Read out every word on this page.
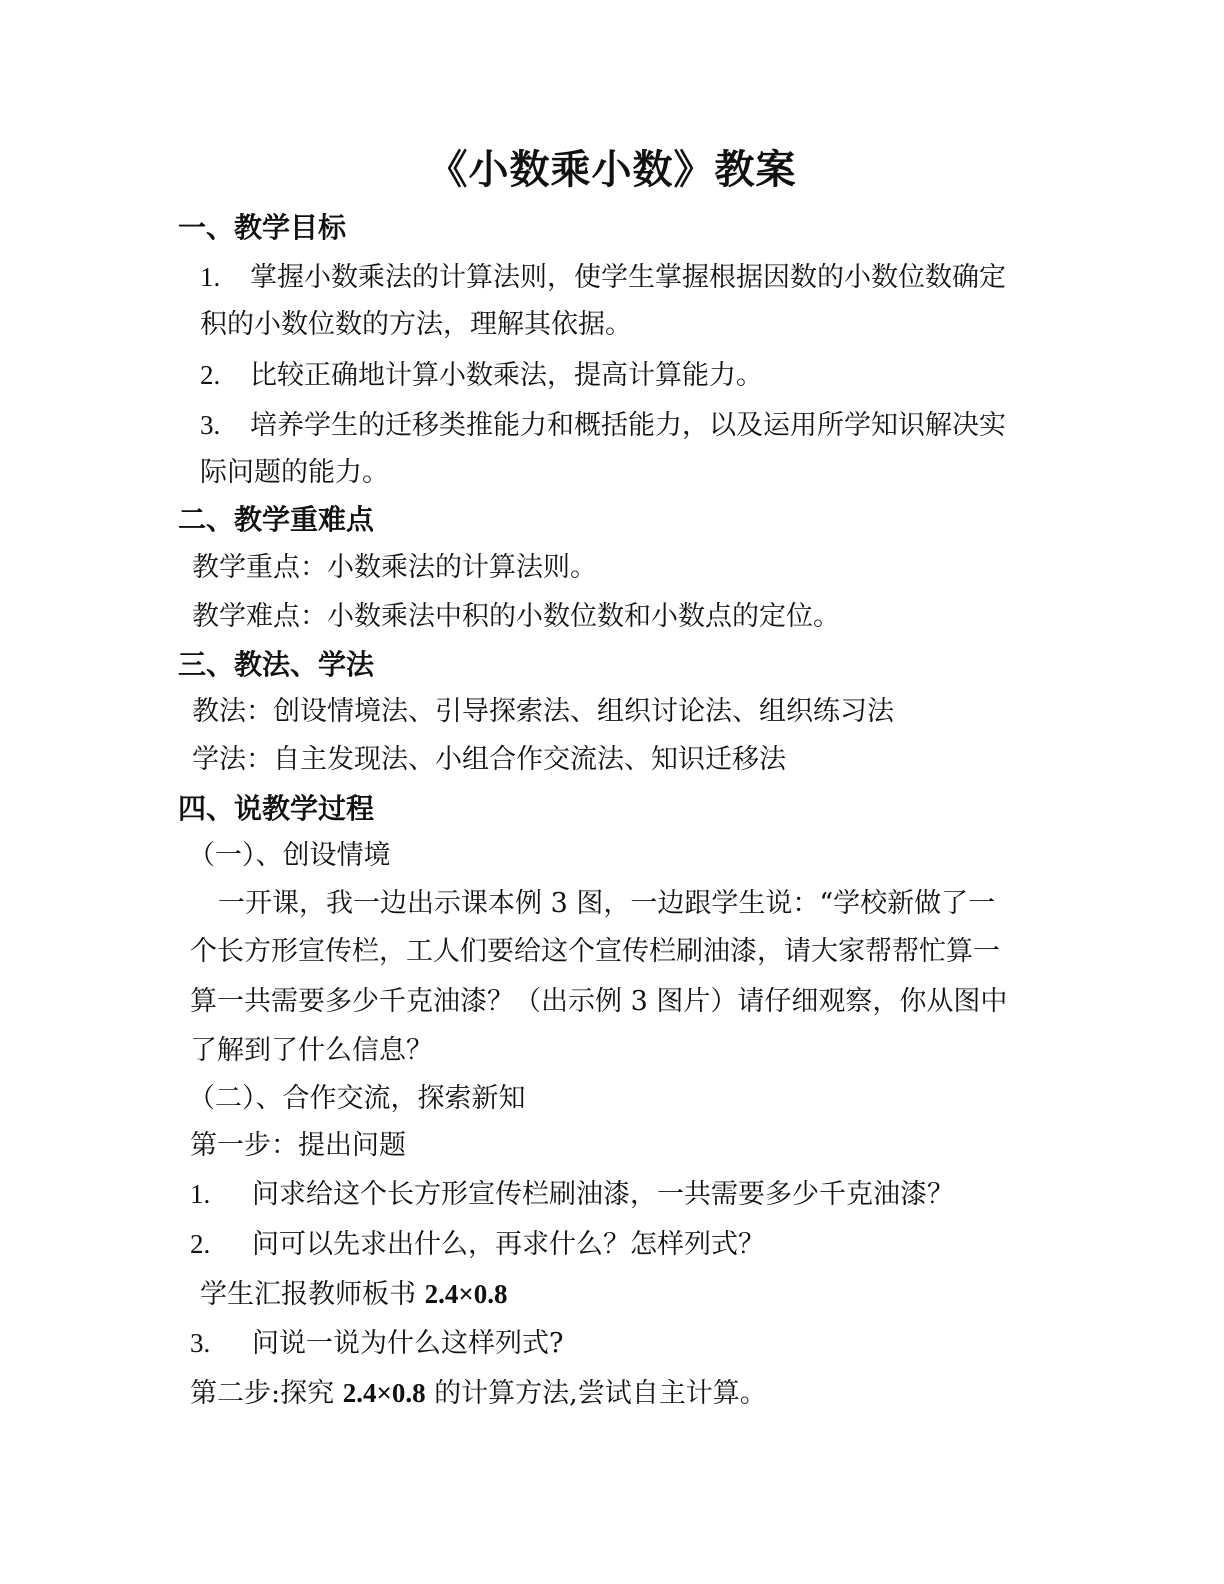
《小数乘小数》教案
一、教学目标
1. 掌握小数乘法的计算法则，使学生掌握根据因数的小数位数确定
积的小数位数的方法，理解其依据。
2. 比较正确地计算小数乘法，提高计算能力。
3. 培养学生的迁移类推能力和概括能力，以及运用所学知识解决实
际问题的能力。
二、教学重难点
教学重点：小数乘法的计算法则。
教学难点：小数乘法中积的小数位数和小数点的定位。
三、教法、学法
教法：创设情境法、引导探索法、组织讨论法、组织练习法
学法：自主发现法、小组合作交流法、知识迁移法
四、说教学过程
（一）、创设情境
一开课，我一边出示课本例 3 图，一边跟学生说：“学校新做了一
个长方形宣传栏，工人们要给这个宣传栏刷油漆，请大家帮帮忙算一
算一共需要多少千克油漆？（出示例 3 图片）请仔细观察，你从图中
了解到了什么信息？
（二）、合作交流，探索新知
第一步：提出问题
1. 问求给这个长方形宣传栏刷油漆，一共需要多少千克油漆？
2. 问可以先求出什么，再求什么？怎样列式？
学生汇报教师板书 2.4×0.8
3. 问说一说为什么这样列式?
第二步:探究 2.4×0.8 的计算方法,尝试自主计算。
